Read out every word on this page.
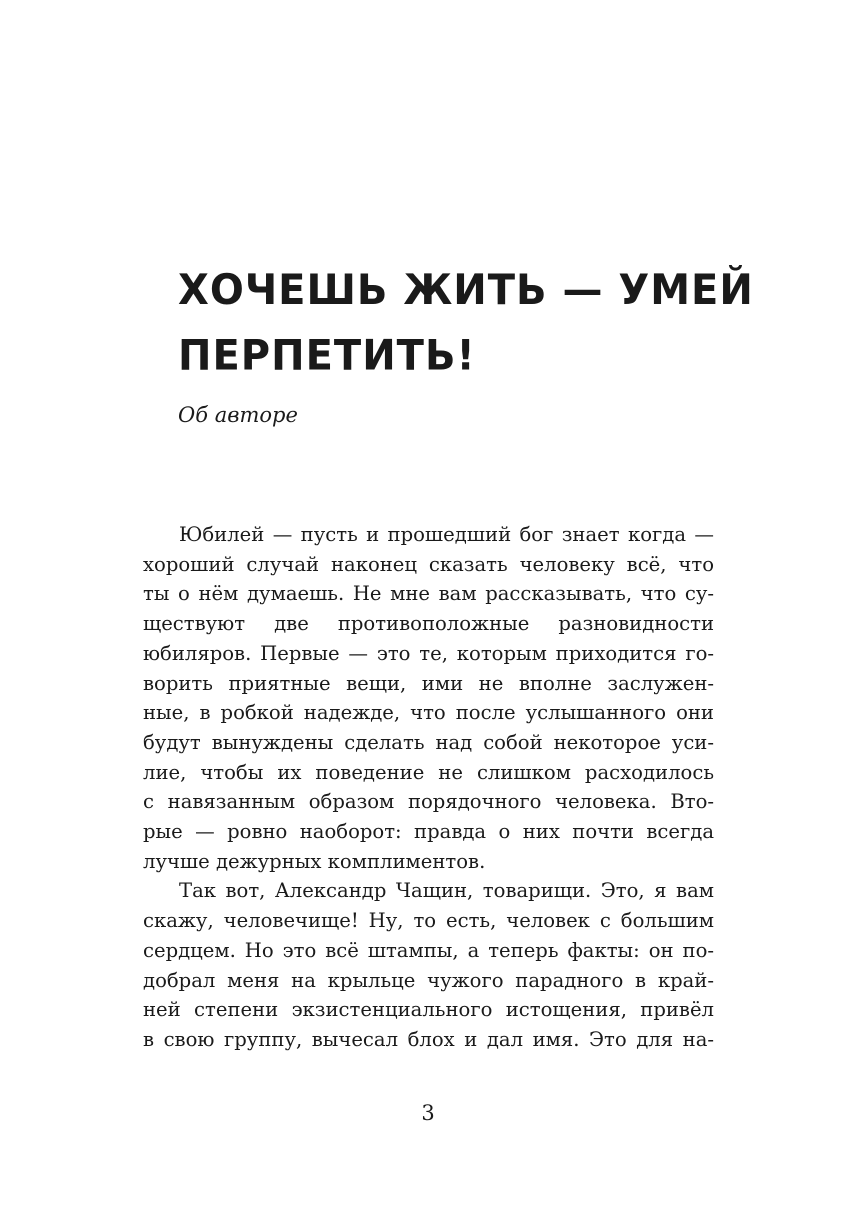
ХОЧЕШЬ ЖИТЬ — УМЕЙ
ПЕРПЕТИТЬ!

Об авторе

Юбилей — пусть и прошедший бог знает когда —
хороший случай наконец сказать человеку всё, что
ты о нём думаешь. Не мне вам рассказывать, что су-
ществуют две противоположные разновидности
юбиляров. Первые — это те, которым приходится го-
ворить приятные вещи, ими не вполне заслужен-
ные, в робкой надежде, что после услышанного они
будут вынуждены сделать над собой некоторое уси-
лие, чтобы их поведение не слишком расходилось
с навязанным образом порядочного человека. Вто-
рые — ровно наоборот: правда о них почти всегда
лучше дежурных комплиментов.
Так вот, Александр Чащин, товарищи. Это, я вам
скажу, человечище! Ну, то есть, человек с большим
сердцем. Но это всё штампы, а теперь факты: он по-
добрал меня на крыльце чужого парадного в край-
ней степени экзистенциального истощения, привёл
в свою группу, вычесал блох и дал имя. Это для на-
3
